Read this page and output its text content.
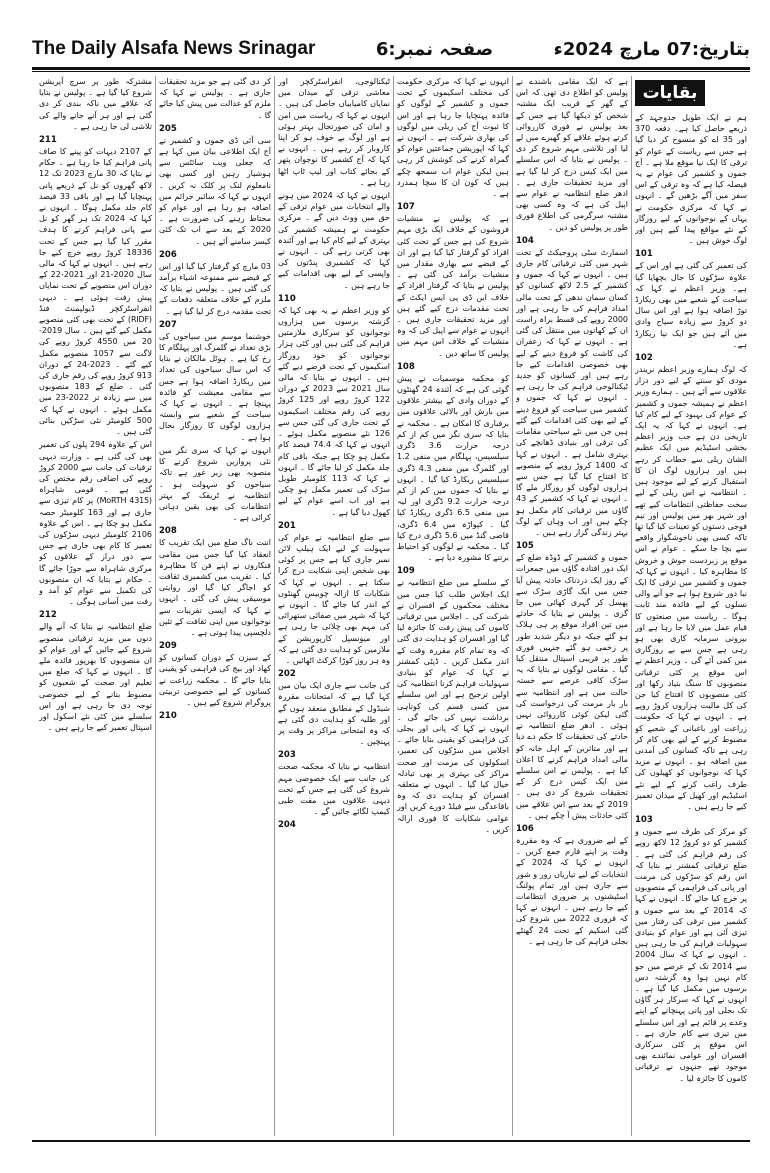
The Daily Alsafa News Srinagar	صفحہ نمبر:6	بتاریخ:07 مارچ 2024ء
بقایات

ہم نے ایک طویل جدوجہد کے ذریعے حاصل کیا ہے۔ دفعہ 370 اور 35 اے کو منسوخ کر دیا گیا ہے جس سے ریاست کے عوام کو ترقی کا ایک نیا موقع ملا ہے ۔ آج جموں و کشمیر کی عوام نے یہ فیصلہ کیا ہے کہ وہ ترقی کے اس سفر میں آگے بڑھیں گے ۔ انہوں نے کہا کہ مرکزی حکومت نے یہاں کے نوجوانوں کے لیے روزگار کے نئے مواقع پیدا کیے ہیں اور لوگ خوش ہیں ۔

101

کی تعمیر کی گئی ہے اور اس کے علاوہ سڑکوں کا جال بچھایا گیا ہے۔ وزیر اعظم نے کہا کہ سیاحت کے شعبے میں بھی ریکارڈ توڑ اضافہ ہوا ہے اور اس سال دو کروڑ سے زیادہ سیاح وادی میں آئے ہیں جو ایک نیا ریکارڈ ہے۔

102

کہ لوگ ہمارے وزیر اعظم نریندر مودی کو سننے کے لیے دور دراز علاقوں سے آئے ہیں ۔ ہمارے وزیر اعظم نے ہمیشہ جموں و کشمیر کے عوام کی بہبود کے لیے کام کیا ہے۔ انہوں نے کہا کہ یہ ایک تاریخی دن ہے جب وزیر اعظم بخشی اسٹیڈیم میں ایک عظیم الشان ریلی سے خطاب کر رہے ہیں اور ہزاروں لوگ ان کا استقبال کرنے کے لیے موجود ہیں ۔ انتظامیہ نے اس ریلی کے لیے سخت حفاظتی انتظامات کیے تھے اور شہر بھر میں پولیس اور نیم فوجی دستوں کو تعینات کیا گیا تھا تاکہ کسی بھی ناخوشگوار واقعے سے بچا جا سکے ۔ عوام نے اس موقع پر زبردست جوش و خروش کا مظاہرہ کیا ۔ انہوں نے کہا کہ جموں و کشمیر میں ترقی کا ایک نیا دور شروع ہوا ہے جو آنے والی نسلوں کے لیے فائدہ مند ثابت ہوگا ۔ ریاست میں صنعتوں کا قیام عمل میں لایا جا رہا ہے اور بیرونی سرمایہ کاری بھی ہو رہی ہے جس سے بے روزگاری میں کمی آئے گی ۔ وزیر اعظم نے اس موقع پر کئی ترقیاتی منصوبوں کا سنگ بنیاد رکھا اور کئی منصوبوں کا افتتاح کیا جن کی کل مالیت ہزاروں کروڑ روپے ہے ۔ انہوں نے کہا کہ حکومت زراعت اور باغبانی کے شعبے کو مضبوط کرنے کے لیے بھی کام کر رہی ہے تاکہ کسانوں کی آمدنی میں اضافہ ہو ۔ انہوں نے مزید کہا کہ نوجوانوں کو کھیلوں کی طرف راغب کرنے کے لیے نئے اسٹیڈیم اور کھیل کے میدان تعمیر کیے جا رہے ہیں ۔

103

کو مرکز کی طرف سے جموں و کشمیر کو دو کروڑ 12 لاکھ روپے کی رقم فراہم کی گئی ہے ۔ ضلع ترقیاتی کمشنر نے بتایا کہ اس رقم کو سڑکوں کی مرمت اور پانی کی فراہمی کے منصوبوں پر خرچ کیا جائے گا۔ انہوں نے کہا کہ 2014 کے بعد سے جموں و کشمیر میں ترقی کی رفتار میں تیزی آئی ہے اور عوام کو بنیادی سہولیات فراہم کی جا رہی ہیں ۔ انہوں نے کہا کہ سال 2004 سے 2014 تک کے عرصے میں جو کام نہیں ہوا وہ گزشتہ دس برسوں میں مکمل کیا گیا ہے ۔ انہوں نے کہا کہ سرکار ہر گاؤں تک بجلی اور پانی پہنچانے کے اپنے وعدے پر قائم ہے اور اس سلسلے میں تیزی سے کام جاری ہے ۔ اس موقع پر کئی سرکاری افسران اور عوامی نمائندے بھی موجود تھے جنہوں نے ترقیاتی کاموں کا جائزہ لیا ۔

ہے کہ ایک مقامی باشندے نے پولیس کو اطلاع دی تھی کہ اس کے گھر کے قریب ایک مشتبہ شخص کو دیکھا گیا ہے جس کے بعد پولیس نے فوری کارروائی کرتے ہوئے علاقے کو گھیرے میں لے لیا اور تلاشی مہم شروع کر دی ۔ پولیس نے بتایا کہ اس سلسلے میں ایک کیس درج کر لیا گیا ہے اور مزید تحقیقات جاری ہے ۔ ادھر ضلع انتظامیہ نے عوام سے اپیل کی ہے کہ وہ کسی بھی مشتبہ سرگرمی کی اطلاع فوری طور پر پولیس کو دیں ۔

104

اسمارٹ سٹی پروجیکٹ کے تحت شہر میں کئی ترقیاتی کام جاری ہیں ۔ انہوں نے کہا کہ جموں و کشمیر کے 2.5 لاکھ کسانوں کو کسان سمان ندھی کے تحت مالی امداد فراہم کی جا رہی ہے اور 2000 روپے کی قسط براہ راست ان کے کھاتوں میں منتقل کی گئی ہے ۔ انہوں نے کہا کہ زعفران کی کاشت کو فروغ دینے کے لیے بھی خصوصی اقدامات کیے جا رہے ہیں اور کسانوں کو جدید ٹیکنالوجی فراہم کی جا رہی ہے ۔ انہوں نے کہا کہ جموں و کشمیر میں سیاحت کو فروغ دینے کے لیے بھی کئی اقدامات کیے گئے ہیں جن میں نئے سیاحتی مقامات کی ترقی اور بنیادی ڈھانچے کی بہتری شامل ہے ۔ انہوں نے کہا کہ 1400 کروڑ روپے کے منصوبے کا افتتاح کیا گیا ہے جس سے ہزاروں لوگوں کو روزگار ملے گا ۔ انہوں نے کہا کہ کشمیر کے 43 گاؤں میں ترقیاتی کام مکمل ہو چکے ہیں اور اب وہاں کے لوگ بہتر زندگی گزار رہے ہیں ۔

105

جموں و کشمیر کے ڈوڈہ ضلع کے ایک دور افتادہ گاؤں میں جمعرات کے روز ایک دردناک حادثہ پیش آیا جس میں ایک گاڑی سڑک سے پھسل کر گہری کھائی میں جا گری ۔ پولیس نے بتایا کہ حادثے میں تین افراد موقع پر ہی ہلاک ہو گئے جبکہ دو دیگر شدید طور پر زخمی ہو گئے جنہیں فوری طور پر قریبی اسپتال منتقل کیا گیا ۔ مقامی لوگوں نے بتایا کہ یہ سڑک کافی عرصے سے خستہ حالت میں ہے اور انتظامیہ سے بار بار مرمت کی درخواست کی گئی لیکن کوئی کارروائی نہیں ہوئی ۔ ادھر ضلع انتظامیہ نے حادثے کی تحقیقات کا حکم دے دیا ہے اور متاثرین کے اہل خانہ کو مالی امداد فراہم کرنے کا اعلان کیا ہے ۔ پولیس نے اس سلسلے میں ایک کیس درج کر کے تحقیقات شروع کر دی ہیں ۔ 2019 کے بعد سے اس علاقے میں کئی حادثات پیش آ چکے ہیں ۔

106

کے لیے ضروری ہے کہ وہ مقررہ وقت پر اپنے فارم جمع کریں ۔ انہوں نے کہا کہ 2024 کے انتخابات کے لیے تیاریاں زور و شور سے جاری ہیں اور تمام پولنگ اسٹیشنوں پر ضروری انتظامات کیے جا رہے ہیں ۔ انہوں نے کہا کہ فروری 2022 میں شروع کی گئی اسکیم کے تحت 24 گھنٹے بجلی فراہم کی جا رہی ہے ۔

انہوں نے کہا کہ مرکزی حکومت کی مختلف اسکیموں کے تحت جموں و کشمیر کے لوگوں کو فائدہ پہنچایا جا رہا ہے اور اس کا ثبوت آج کی ریلی میں لوگوں کی بھاری شرکت ہے ۔ انہوں نے کہا کہ اپوزیشن جماعتیں عوام کو گمراہ کرنے کی کوشش کر رہی ہیں لیکن عوام اب سمجھ چکے ہیں کہ کون ان کا سچا ہمدرد ہے ۔

107

ہے کہ پولیس نے منشیات فروشوں کے خلاف ایک بڑی مہم شروع کی ہے جس کے تحت کئی افراد کو گرفتار کیا گیا ہے اور ان کے قبضے سے بھاری مقدار میں منشیات برآمد کی گئی ہے ۔ پولیس نے بتایا کہ گرفتار افراد کے خلاف این ڈی پی ایس ایکٹ کے تحت مقدمات درج کیے گئے ہیں اور مزید تحقیقات جاری ہیں ۔ انہوں نے عوام سے اپیل کی کہ وہ منشیات کے خلاف اس مہم میں پولیس کا ساتھ دیں ۔

108

کو محکمہ موسمیات نے پیش گوئی کی ہے کہ آئندہ 24 گھنٹوں کے دوران وادی کے بیشتر علاقوں میں بارش اور بالائی علاقوں میں برفباری کا امکان ہے ۔ محکمہ نے بتایا کہ سری نگر میں کم از کم درجہ حرارت 3.6 ڈگری سیلسیس، پہلگام میں منفی 1.2 اور گلمرگ میں منفی 4.3 ڈگری سیلسیس ریکارڈ کیا گیا ۔ انہوں نے بتایا کہ جموں میں کم از کم درجہ حرارت 9.2 ڈگری اور لیہ میں منفی 6.5 ڈگری ریکارڈ کیا گیا ۔ کپواڑہ میں 6.4 ڈگری، قاضی گنڈ میں 5.6 ڈگری درج کیا گیا ۔ محکمہ نے لوگوں کو احتیاط برتنے کا مشورہ دیا ہے ۔

109

کے سلسلے میں ضلع انتظامیہ نے ایک اجلاس طلب کیا جس میں مختلف محکموں کے افسران نے شرکت کی ۔ اجلاس میں ترقیاتی کاموں کی پیش رفت کا جائزہ لیا گیا اور افسران کو ہدایت دی گئی کہ وہ تمام کام مقررہ وقت کے اندر مکمل کریں ۔ ڈپٹی کمشنر نے کہا کہ عوام کو بنیادی سہولیات فراہم کرنا انتظامیہ کی اولین ترجیح ہے اور اس سلسلے میں کسی قسم کی کوتاہی برداشت نہیں کی جائے گی ۔ انہوں نے کہا کہ پانی اور بجلی کی فراہمی کو یقینی بنایا جائے ۔ اجلاس میں سڑکوں کی تعمیر، اسکولوں کی مرمت اور صحت مراکز کی بہتری پر بھی تبادلہ خیال کیا گیا ۔ انہوں نے متعلقہ افسران کو ہدایت دی کہ وہ باقاعدگی سے فیلڈ دورے کریں اور عوامی شکایات کا فوری ازالہ کریں ۔

ٹیکنالوجی، انفراسٹرکچر اور معاشی ترقی کے میدان میں نمایاں کامیابیاں حاصل کی ہیں ۔ انہوں نے کہا کہ ریاست میں امن و امان کی صورتحال بہتر ہوئی ہے اور لوگ بے خوف ہو کر اپنا کاروبار کر رہے ہیں ۔ انہوں نے کہا کہ آج کشمیر کا نوجوان پتھر کے بجائے کتاب اور لیپ ٹاپ اٹھا رہا ہے ۔

انہوں نے کہا کہ 2024 میں ہونے والے انتخابات میں عوام ترقی کے حق میں ووٹ دیں گے ۔ مرکزی حکومت نے ہمیشہ کشمیر کی بہتری کے لیے کام کیا ہے اور آئندہ بھی کرتی رہے گی ۔ انہوں نے کہا کہ کشمیری پنڈتوں کی واپسی کے لیے بھی اقدامات کیے جا رہے ہیں ۔

110

کو وزیر اعظم نے یہ بھی کہا کہ گزشتہ برسوں میں ہزاروں نوجوانوں کو سرکاری ملازمتیں فراہم کی گئی ہیں اور کئی ہزار نوجوانوں کو خود روزگار اسکیموں کے تحت قرضے دیے گئے ہیں ۔ انہوں نے بتایا کہ مالی سال 2021 سے 2023 کے دوران 122 کروڑ روپے اور 125 کروڑ روپے کی رقم مختلف اسکیموں کے تحت جاری کی گئی جس سے 126 نئے منصوبے مکمل ہوئے ۔ انہوں نے کہا کہ 74.4 فیصد کام مکمل ہو چکا ہے جبکہ باقی کام جلد مکمل کر لیا جائے گا ۔ انہوں نے کہا کہ 113 کلومیٹر طویل سڑک کی تعمیر مکمل ہو چکی ہے اور اب اسے عوام کے لیے کھول دیا گیا ہے ۔

201

سے ضلع انتظامیہ نے عوام کی سہولت کے لیے ایک ہیلپ لائن نمبر جاری کیا ہے جس پر کوئی بھی شخص اپنی شکایت درج کرا سکتا ہے ۔ انہوں نے کہا کہ شکایات کا ازالہ چوبیس گھنٹوں کے اندر کیا جائے گا ۔ انہوں نے کہا کہ شہر میں صفائی ستھرائی کی مہم بھی چلائی جا رہی ہے اور میونسپل کارپوریشن کے ملازمین کو ہدایت دی گئی ہے کہ وہ ہر روز کوڑا کرکٹ اٹھائیں ۔

202

کی جانب سے جاری ایک بیان میں کہا گیا ہے کہ امتحانات مقررہ شیڈول کے مطابق منعقد ہوں گے اور طلبہ کو ہدایت دی گئی ہے کہ وہ امتحانی مراکز پر وقت پر پہنچیں ۔

203

انتظامیہ نے بتایا کہ محکمہ صحت کی جانب سے ایک خصوصی مہم شروع کی گئی ہے جس کے تحت دیہی علاقوں میں مفت طبی کیمپ لگائے جائیں گے ۔

204

کر دی گئی ہے جو مزید تحقیقات جاری ہے ۔ پولیس نے کہا کہ ملزم کو عدالت میں پیش کیا جائے گا ۔

205

سی آئی ڈی جموں و کشمیر نے آج ایک اطلاعی بیان میں کہا ہے کہ جعلی ویب سائٹس سے ہوشیار رہیں اور کسی بھی نامعلوم لنک پر کلک نہ کریں ۔ انہوں نے کہا کہ سائبر جرائم میں اضافہ ہو رہا ہے اور عوام کو محتاط رہنے کی ضرورت ہے ۔ 2020 کے بعد سے اب تک کئی کیسز سامنے آئے ہیں ۔

206

03 مارچ کو گرفتار کیا گیا اور اس کے قبضے سے ممنوعہ اشیاء برآمد کی گئی ہیں ۔ پولیس نے بتایا کہ ملزم کے خلاف متعلقہ دفعات کے تحت مقدمہ درج کر لیا گیا ہے ۔

207

خوشنما موسم میں سیاحوں کی بڑی تعداد نے گلمرگ اور پہلگام کا رخ کیا ہے ۔ ہوٹل مالکان نے بتایا کہ اس سال سیاحوں کی تعداد میں ریکارڈ اضافہ ہوا ہے جس سے مقامی معیشت کو فائدہ پہنچا ہے ۔ انہوں نے کہا کہ سیاحت کے شعبے سے وابستہ ہزاروں لوگوں کا روزگار بحال ہوا ہے ۔

انہوں نے کہا کہ سری نگر میں نئی پروازیں شروع کرنے کا منصوبہ بھی زیر غور ہے تاکہ سیاحوں کو سہولت ہو ۔ انتظامیہ نے ٹریفک کے بہتر انتظامات کی بھی یقین دہانی کرائی ہے ۔

208

اننت ناگ ضلع میں ایک تقریب کا انعقاد کیا گیا جس میں مقامی فنکاروں نے اپنے فن کا مظاہرہ کیا ۔ تقریب میں کشمیری ثقافت کو اجاگر کیا گیا اور روایتی موسیقی پیش کی گئی ۔ انہوں نے کہا کہ ایسی تقریبات سے نوجوانوں میں اپنی ثقافت کے تئیں دلچسپی پیدا ہوتی ہے ۔

209

کے سیزن کے دوران کسانوں کو کھاد اور بیج کی فراہمی کو یقینی بنایا جائے گا ۔ محکمہ زراعت نے کسانوں کے لیے خصوصی تربیتی پروگرام شروع کیے ہیں ۔

210

مشترکہ طور پر سرچ آپریشن شروع کیا گیا ہے ۔ پولیس نے بتایا کہ علاقے میں ناکہ بندی کر دی گئی ہے اور ہر آنے جانے والے کی تلاشی لی جا رہی ہے ۔

211

کے 2107 دیہات کو پینے کا صاف پانی فراہم کیا جا رہا ہے ۔ حکام نے بتایا کہ 30 مارچ 2023 تک 12 لاکھ گھروں کو نل کے ذریعے پانی پہنچایا گیا ہے اور باقی 33 فیصد کام جلد مکمل ہوگا ۔ انہوں نے کہا کہ 2024 تک ہر گھر کو نل سے پانی فراہم کرنے کا ہدف مقرر کیا گیا ہے جس کے تحت 18336 کروڑ روپے خرچ کیے جا رہے ہیں ۔ انہوں نے کہا کہ مالی سال 2020-21 اور 2021-22 کے دوران اس منصوبے کے تحت نمایاں پیش رفت ہوئی ہے ۔ دیہی انفراسٹرکچر ڈیولپمنٹ فنڈ (RIDF) کے تحت بھی کئی منصوبے مکمل کیے گئے ہیں ۔ سال 2019-20 میں 4550 کروڑ روپے کی لاگت سے 1057 منصوبے مکمل کیے گئے ۔ 2023-24 کے دوران 913 کروڑ روپے کی رقم جاری کی گئی ۔ ضلع کے 183 منصوبوں میں سے زیادہ تر 2022-23 میں مکمل ہوئے ۔ انہوں نے کہا کہ 500 کلومیٹر نئی سڑکیں بنائی گئی ہیں ۔

اس کے علاوہ 294 پلوں کی تعمیر بھی کی گئی ہے ۔ وزارت دیہی ترقیات کی جانب سے 2000 کروڑ روپے کی اضافی رقم مختص کی گئی ہے ۔ قومی شاہراہ (MoRTH 4315) پر کام تیزی سے جاری ہے اور 163 کلومیٹر حصہ مکمل ہو چکا ہے ۔ اس کے علاوہ 2106 کلومیٹر دیہی سڑکوں کی تعمیر کا کام بھی جاری ہے جس سے دور دراز کے علاقوں کو مرکزی شاہراہ سے جوڑا جائے گا ۔ حکام نے بتایا کہ ان منصوبوں کی تکمیل سے عوام کو آمد و رفت میں آسانی ہوگی ۔

212

ضلع انتظامیہ نے بتایا کہ آنے والے دنوں میں مزید ترقیاتی منصوبے شروع کیے جائیں گے اور عوام کو ان منصوبوں کا بھرپور فائدہ ملے گا ۔ انہوں نے کہا کہ ضلع میں تعلیم اور صحت کے شعبوں کو مضبوط بنانے کے لیے خصوصی توجہ دی جا رہی ہے اور اس سلسلے میں کئی نئے اسکول اور اسپتال تعمیر کیے جا رہے ہیں ۔
